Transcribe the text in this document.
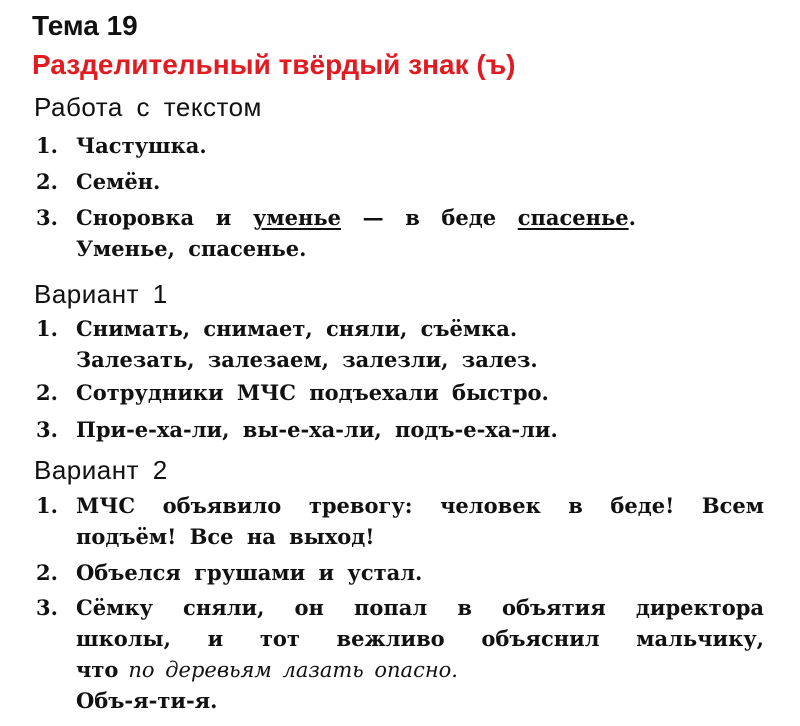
Тема 19
Разделительный твёрдый знак (ъ)
Работа с текстом
1. Частушка.
2. Семён.
3. Сноровка и уменье — в беде спасенье.
Уменье, спасенье.
Вариант 1
1. Снимать, снимает, сняли, съёмка.
Залезать, залезаем, залезли, залез.
2. Сотрудники МЧС подъехали быстро.
3. При-е-ха-ли, вы-е-ха-ли, подъ-е-ха-ли.
Вариант 2
1. МЧС объявило тревогу: человек в беде! Всем
подъём! Все на выход!
2. Объелся грушами и устал.
3. Сёмку сняли, он попал в объятия директора
школы, и тот вежливо объяснил мальчику,
что по деревьям лазать опасно.
Объ-я-ти-я.
